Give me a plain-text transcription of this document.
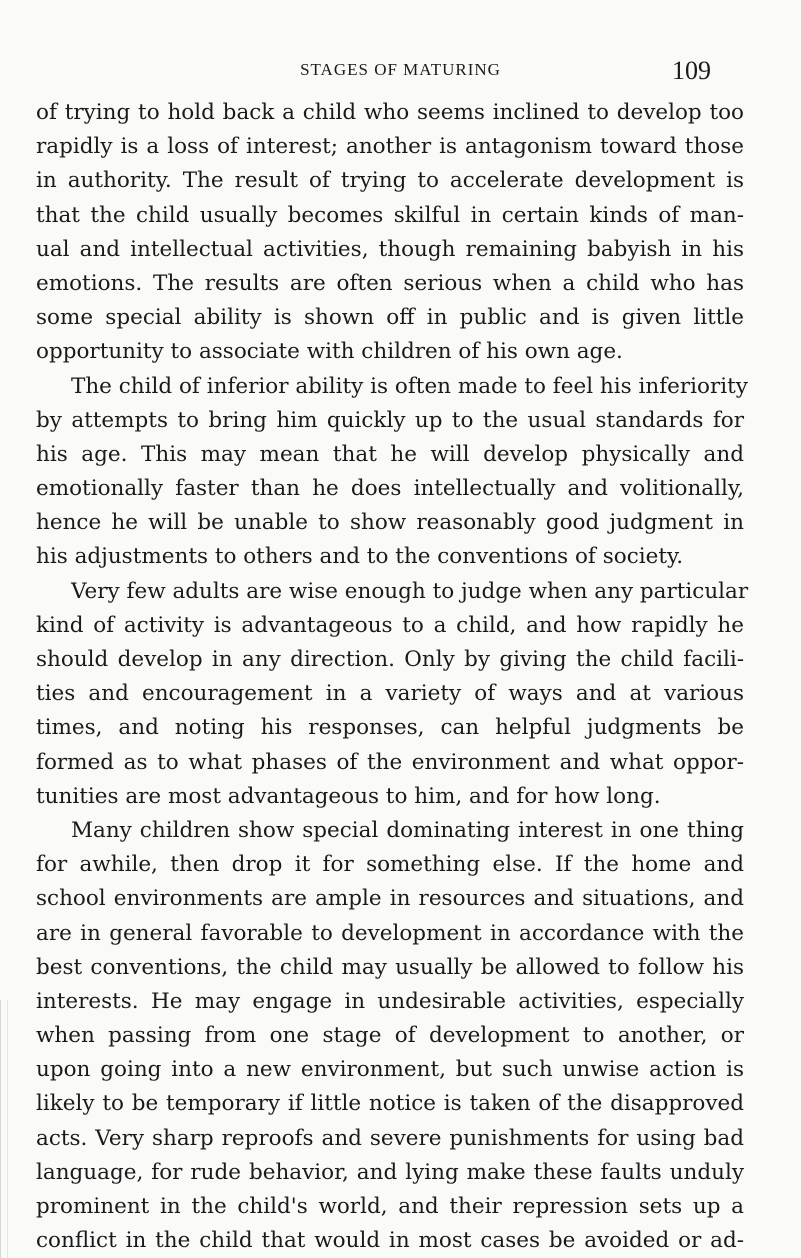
STAGES OF MATURING	109
of trying to hold back a child who seems inclined to develop too
rapidly is a loss of interest; another is antagonism toward those
in authority. The result of trying to accelerate development is
that the child usually becomes skilful in certain kinds of man-
ual and intellectual activities, though remaining babyish in his
emotions. The results are often serious when a child who has
some special ability is shown off in public and is given little
opportunity to associate with children of his own age.
The child of inferior ability is often made to feel his inferiority
by attempts to bring him quickly up to the usual standards for
his age. This may mean that he will develop physically and
emotionally faster than he does intellectually and volitionally,
hence he will be unable to show reasonably good judgment in
his adjustments to others and to the conventions of society.
Very few adults are wise enough to judge when any particular
kind of activity is advantageous to a child, and how rapidly he
should develop in any direction. Only by giving the child facili-
ties and encouragement in a variety of ways and at various
times, and noting his responses, can helpful judgments be
formed as to what phases of the environment and what oppor-
tunities are most advantageous to him, and for how long.
Many children show special dominating interest in one thing
for awhile, then drop it for something else. If the home and
school environments are ample in resources and situations, and
are in general favorable to development in accordance with the
best conventions, the child may usually be allowed to follow his
interests. He may engage in undesirable activities, especially
when passing from one stage of development to another, or
upon going into a new environment, but such unwise action is
likely to be temporary if little notice is taken of the disapproved
acts. Very sharp reproofs and severe punishments for using bad
language, for rude behavior, and lying make these faults unduly
prominent in the child's world, and their repression sets up a
conflict in the child that would in most cases be avoided or ad-
